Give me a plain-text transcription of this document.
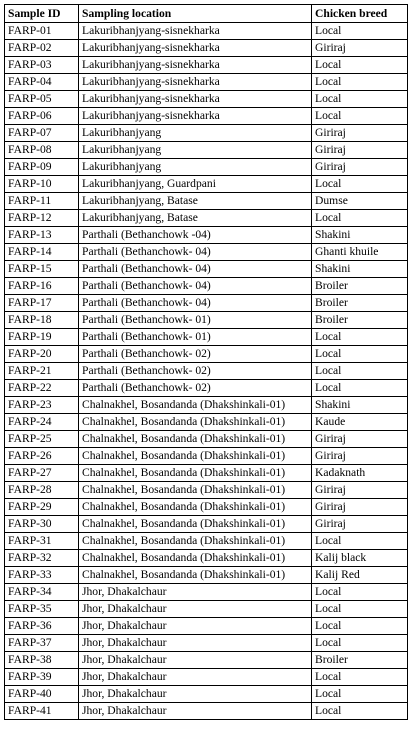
Sample ID	Sampling location	Chicken breed
FARP-01	Lakuribhanjyang-sisnekharka	Local
FARP-02	Lakuribhanjyang-sisnekharka	Giriraj
FARP-03	Lakuribhanjyang-sisnekharka	Local
FARP-04	Lakuribhanjyang-sisnekharka	Local
FARP-05	Lakuribhanjyang-sisnekharka	Local
FARP-06	Lakuribhanjyang-sisnekharka	Local
FARP-07	Lakuribhanjyang	Giriraj
FARP-08	Lakuribhanjyang	Giriraj
FARP-09	Lakuribhanjyang	Giriraj
FARP-10	Lakuribhanjyang, Guardpani	Local
FARP-11	Lakuribhanjyang, Batase	Dumse
FARP-12	Lakuribhanjyang, Batase	Local
FARP-13	Parthali (Bethanchowk -04)	Shakini
FARP-14	Parthali (Bethanchowk- 04)	Ghanti khuile
FARP-15	Parthali (Bethanchowk- 04)	Shakini
FARP-16	Parthali (Bethanchowk- 04)	Broiler
FARP-17	Parthali (Bethanchowk- 04)	Broiler
FARP-18	Parthali (Bethanchowk- 01)	Broiler
FARP-19	Parthali (Bethanchowk- 01)	Local
FARP-20	Parthali (Bethanchowk- 02)	Local
FARP-21	Parthali (Bethanchowk- 02)	Local
FARP-22	Parthali (Bethanchowk- 02)	Local
FARP-23	Chalnakhel, Bosandanda (Dhakshinkali-01)	Shakini
FARP-24	Chalnakhel, Bosandanda (Dhakshinkali-01)	Kaude
FARP-25	Chalnakhel, Bosandanda (Dhakshinkali-01)	Giriraj
FARP-26	Chalnakhel, Bosandanda (Dhakshinkali-01)	Giriraj
FARP-27	Chalnakhel, Bosandanda (Dhakshinkali-01)	Kadaknath
FARP-28	Chalnakhel, Bosandanda (Dhakshinkali-01)	Giriraj
FARP-29	Chalnakhel, Bosandanda (Dhakshinkali-01)	Giriraj
FARP-30	Chalnakhel, Bosandanda (Dhakshinkali-01)	Giriraj
FARP-31	Chalnakhel, Bosandanda (Dhakshinkali-01)	Local
FARP-32	Chalnakhel, Bosandanda (Dhakshinkali-01)	Kalij black
FARP-33	Chalnakhel, Bosandanda (Dhakshinkali-01)	Kalij Red
FARP-34	Jhor, Dhakalchaur	Local
FARP-35	Jhor, Dhakalchaur	Local
FARP-36	Jhor, Dhakalchaur	Local
FARP-37	Jhor, Dhakalchaur	Local
FARP-38	Jhor, Dhakalchaur	Broiler
FARP-39	Jhor, Dhakalchaur	Local
FARP-40	Jhor, Dhakalchaur	Local
FARP-41	Jhor, Dhakalchaur	Local
